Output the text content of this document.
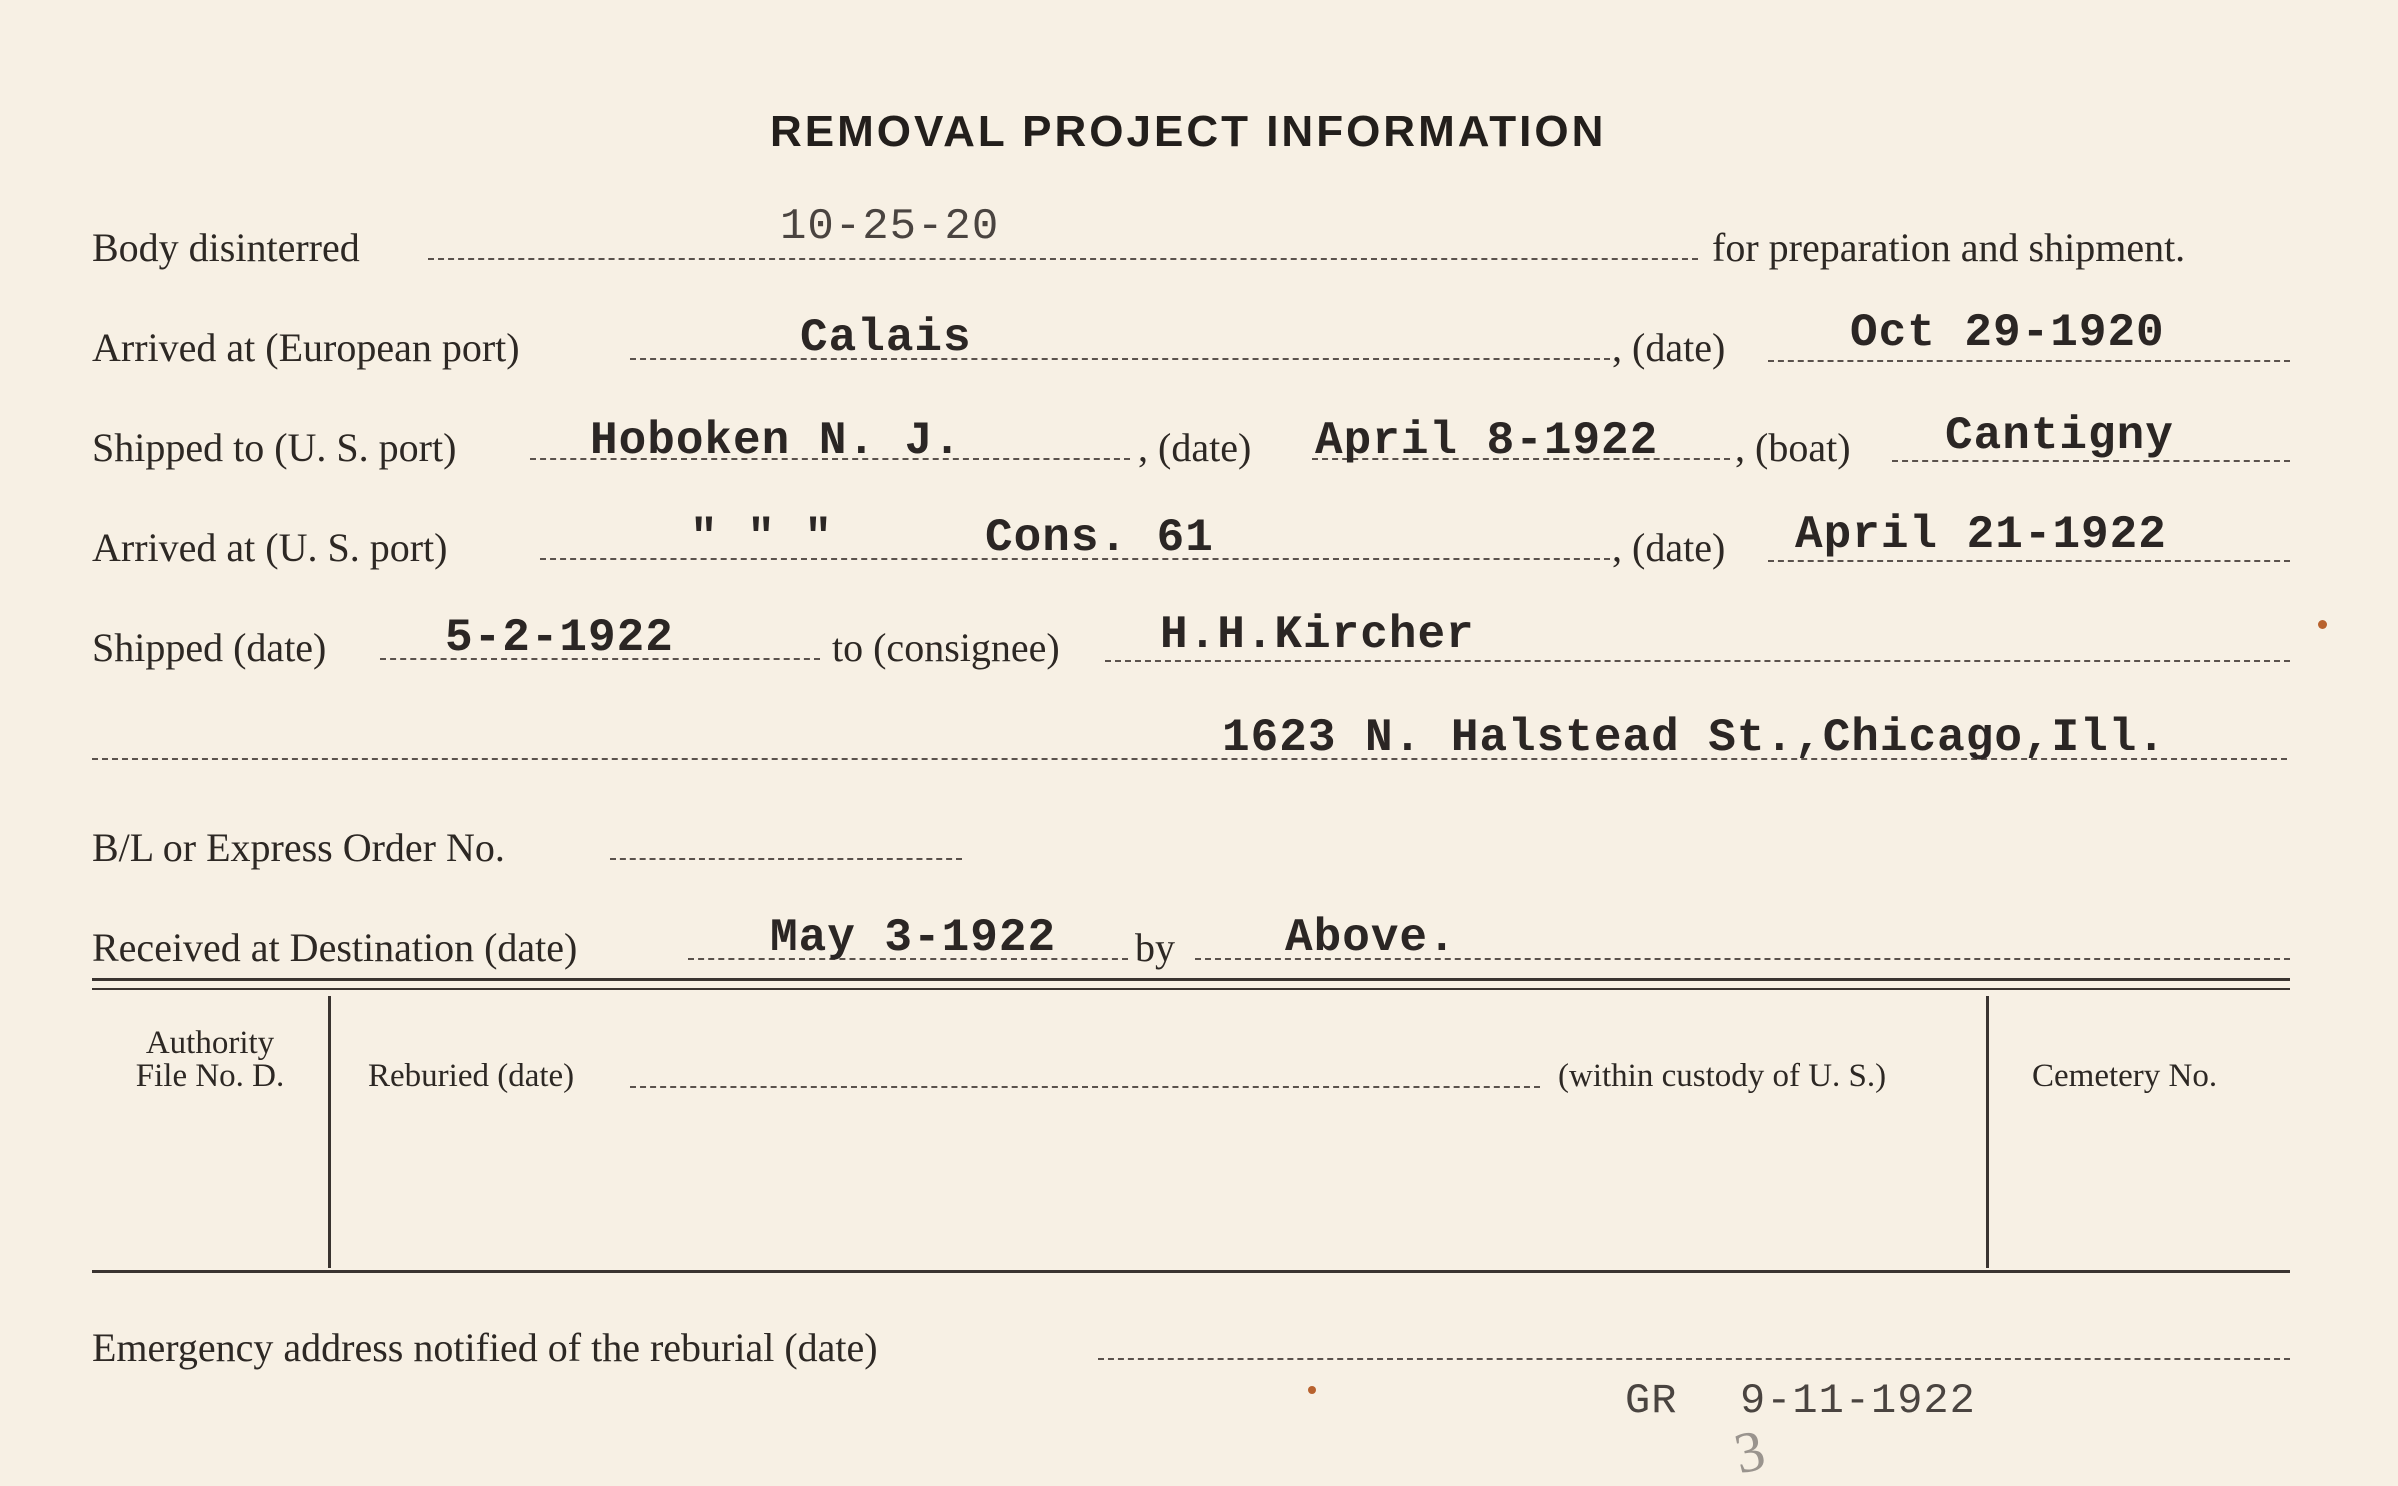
REMOVAL PROJECT INFORMATION
Body disinterred	10-25-20	for preparation and shipment.
Arrived at (European port)	Calais	, (date)	Oct 29-1920
Shipped to (U. S. port)	Hoboken N. J.	, (date) April 8-1922 , (boat) Cantigny
Arrived at (U. S. port)	" " "	Cons. 61	, (date) April 21-1922
Shipped (date)	5-2-1922	to (consignee) H.H.Kircher
1623 N. Halstead St.,Chicago,Ill.
B/L or Express Order No.
Received at Destination (date)	May 3-1922 by Above.
Authority
File No. D.	Reburied (date)	(within custody of U. S.)	Cemetery No.
Emergency address notified of the reburial (date)
GR 9-11-1922
3
